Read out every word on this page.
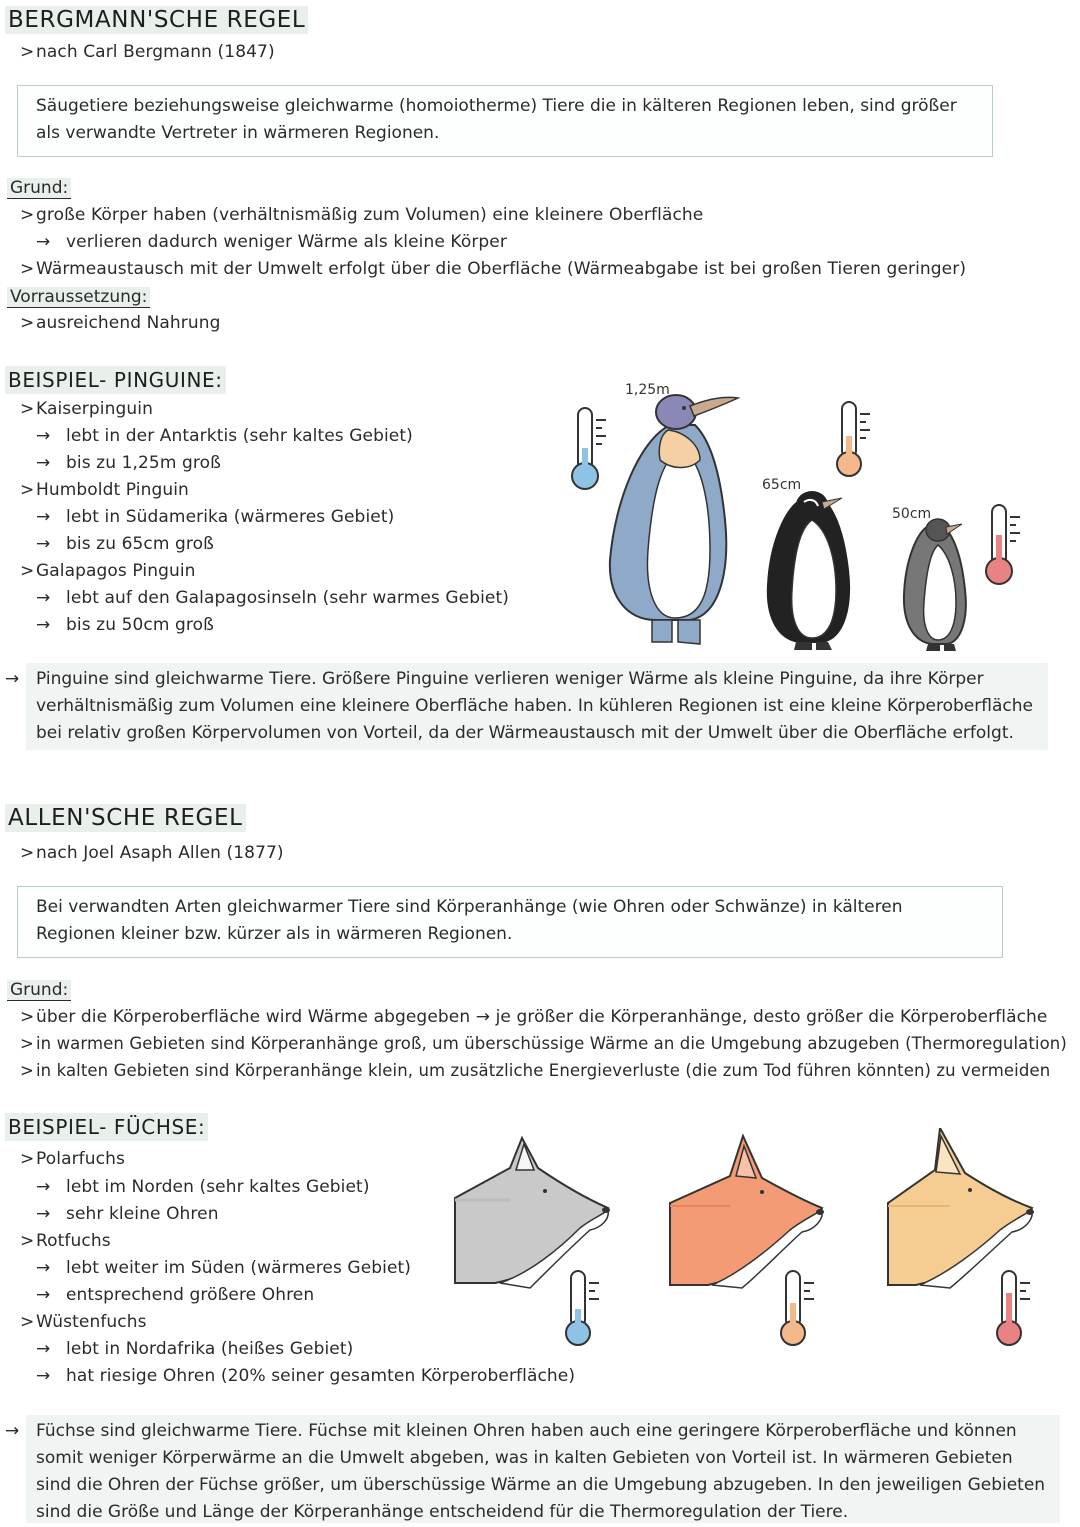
BERGMANN'SCHE REGEL
>nach Carl Bergmann (1847)

Säugetiere beziehungsweise gleichwarme (homoiotherme) Tiere die in kälteren Regionen leben, sind größer als verwandte Vertreter in wärmeren Regionen.

Grund:
>große Körper haben (verhältnismäßig zum Volumen) eine kleinere Oberfläche
→ verlieren dadurch weniger Wärme als kleine Körper
>Wärmeaustausch mit der Umwelt erfolgt über die Oberfläche (Wärmeabgabe ist bei großen Tieren geringer)
Vorraussetzung:
>ausreichend Nahrung
BEISPIEL- PINGUINE:
>Kaiserpinguin
→ lebt in der Antarktis (sehr kaltes Gebiet)
→ bis zu 1,25m groß
>Humboldt Pinguin
→ lebt in Südamerika (wärmeres Gebiet)
→ bis zu 65cm groß
>Galapagos Pinguin
→ lebt auf den Galapagosinseln (sehr warmes Gebiet)
→ bis zu 50cm groß
1,25m
65cm
50cm
→ Pinguine sind gleichwarme Tiere. Größere Pinguine verlieren weniger Wärme als kleine Pinguine, da ihre Körper verhältnismäßig zum Volumen eine kleinere Oberfläche haben. In kühleren Regionen ist eine kleine Körperoberfläche bei relativ großen Körpervolumen von Vorteil, da der Wärmeaustausch mit der Umwelt über die Oberfläche erfolgt.

ALLEN'SCHE REGEL
>nach Joel Asaph Allen (1877)

Bei verwandten Arten gleichwarmer Tiere sind Körperanhänge (wie Ohren oder Schwänze) in kälteren Regionen kleiner bzw. kürzer als in wärmeren Regionen.

Grund:
>über die Körperoberfläche wird Wärme abgegeben → je größer die Körperanhänge, desto größer die Körperoberfläche
> in warmen Gebieten sind Körperanhänge groß, um überschüssige Wärme an die Umgebung abzugeben (Thermoregulation)
> in kalten Gebieten sind Körperanhänge klein, um zusätzliche Energieverluste (die zum Tod führen könnten) zu vermeiden
BEISPIEL- FÜCHSE:
>Polarfuchs
→ lebt im Norden (sehr kaltes Gebiet)
→ sehr kleine Ohren
>Rotfuchs
→ lebt weiter im Süden (wärmeres Gebiet)
→ entsprechend größere Ohren
>Wüstenfuchs
→ lebt in Nordafrika (heißes Gebiet)
→ hat riesige Ohren (20% seiner gesamten Körperoberfläche)
→ Füchse sind gleichwarme Tiere. Füchse mit kleinen Ohren haben auch eine geringere Körperoberfläche und können somit weniger Körperwärme an die Umwelt abgeben, was in kalten Gebieten von Vorteil ist. In wärmeren Gebieten sind die Ohren der Füchse größer, um überschüssige Wärme an die Umgebung abzugeben. In den jeweiligen Gebieten sind die Größe und Länge der Körperanhänge entscheidend für die Thermoregulation der Tiere.
